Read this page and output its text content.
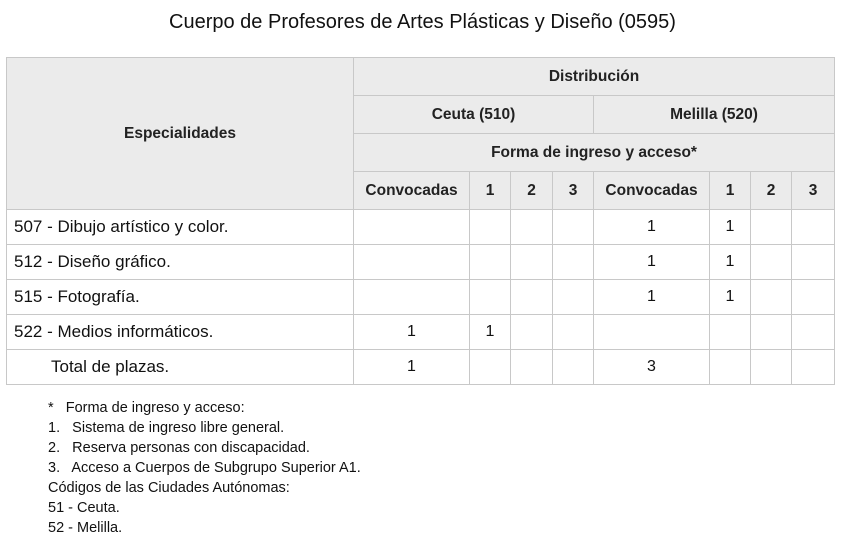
Cuerpo de Profesores de Artes Plásticas y Diseño (0595)
Especialidades	Distribución							
	Ceuta (510)				Melilla (520)			
	Forma de ingreso y acceso*							
	Convocadas	1	2	3	Convocadas	1	2	3
507 - Dibujo artístico y color.					1	1		
512 - Diseño gráfico.					1	1		
515 - Fotografía.					1	1		
522 - Medios informáticos.	1	1						
Total de plazas.	1				3			
*   Forma de ingreso y acceso:
1.   Sistema de ingreso libre general.
2.   Reserva personas con discapacidad.
3.   Acceso a Cuerpos de Subgrupo Superior A1.
Códigos de las Ciudades Autónomas:
51 - Ceuta.
52 - Melilla.
